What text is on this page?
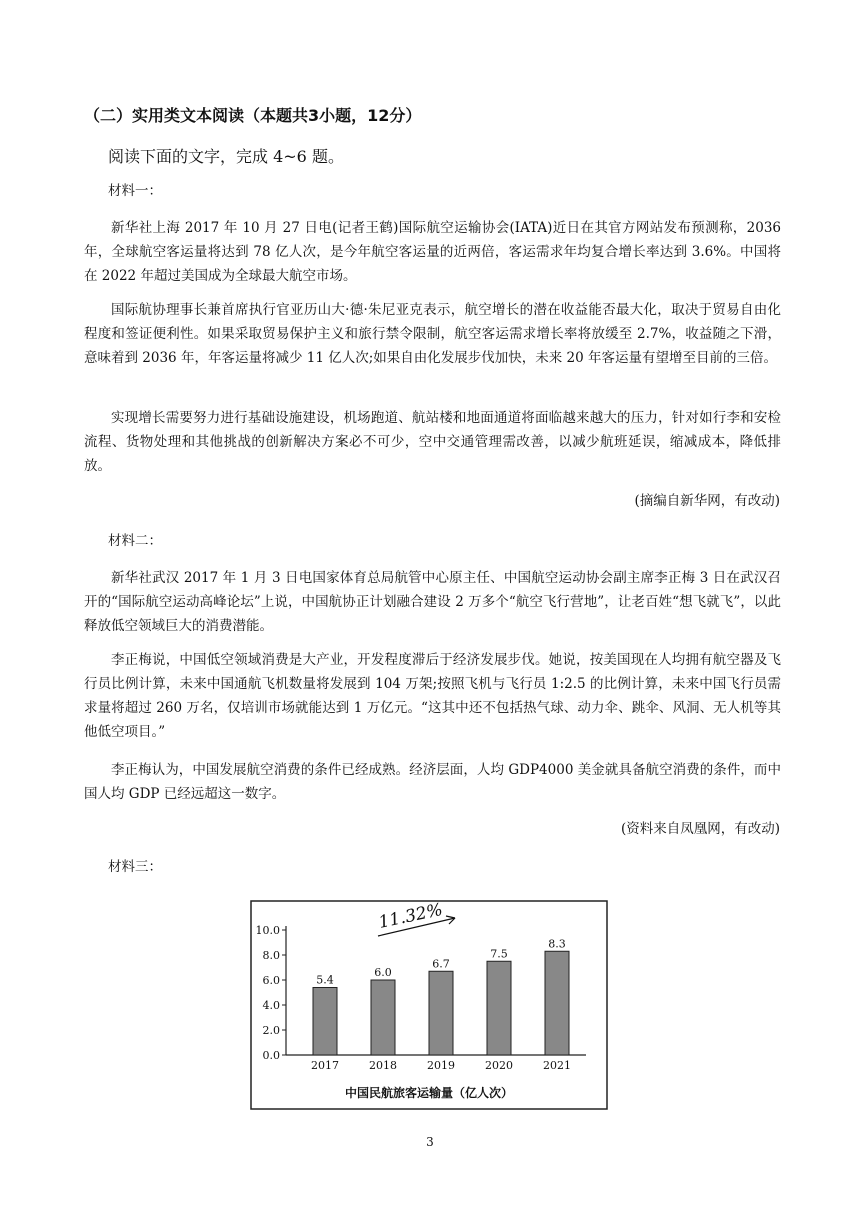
（二）实用类文本阅读（本题共3小题，12分）
阅读下面的文字，完成 4~6 题。
材料一：

新华社上海 2017 年 10 月 27 日电(记者王鹤)国际航空运输协会(IATA)近日在其官方网站发布预测称，2036 年，全球航空客运量将达到 78 亿人次，是今年航空客运量的近两倍，客运需求年均复合增长率达到 3.6%。中国将在 2022 年超过美国成为全球最大航空市场。

国际航协理事长兼首席执行官亚历山大·德·朱尼亚克表示，航空增长的潜在收益能否最大化，取决于贸易自由化程度和签证便利性。如果采取贸易保护主义和旅行禁令限制，航空客运需求增长率将放缓至 2.7%，收益随之下滑，意味着到 2036 年，年客运量将减少 11 亿人次;如果自由化发展步伐加快，未来 20 年客运量有望增至目前的三倍。

实现增长需要努力进行基础设施建设，机场跑道、航站楼和地面通道将面临越来越大的压力，针对如行李和安检流程、货物处理和其他挑战的创新解决方案必不可少，空中交通管理需改善，以减少航班延误，缩减成本，降低排放。

(摘编自新华网，有改动)
材料二：

新华社武汉 2017 年 1 月 3 日电国家体育总局航管中心原主任、中国航空运动协会副主席李正梅 3 日在武汉召开的“国际航空运动高峰论坛”上说，中国航协正计划融合建设 2 万多个“航空飞行营地”，让老百姓“想飞就飞”，以此释放低空领域巨大的消费潜能。

李正梅说，中国低空领域消费是大产业，开发程度滞后于经济发展步伐。她说，按美国现在人均拥有航空器及飞行员比例计算，未来中国通航飞机数量将发展到 104 万架;按照飞机与飞行员 1:2.5 的比例计算，未来中国飞行员需求量将超过 260 万名，仅培训市场就能达到 1 万亿元。“这其中还不包括热气球、动力伞、跳伞、风洞、无人机等其他低空项目。”

李正梅认为，中国发展航空消费的条件已经成熟。经济层面，人均 GDP4000 美金就具备航空消费的条件，而中国人均 GDP 已经远超这一数字。

(资料来自凤凰网，有改动)
材料三：
10.0
8.0
6.0
4.0
2.0
0.0
5.4
2017
6.0
2018
6.7
2019
7.5
2020
8.3
2021
11.32%
中国民航旅客运输量（亿人次）
3
